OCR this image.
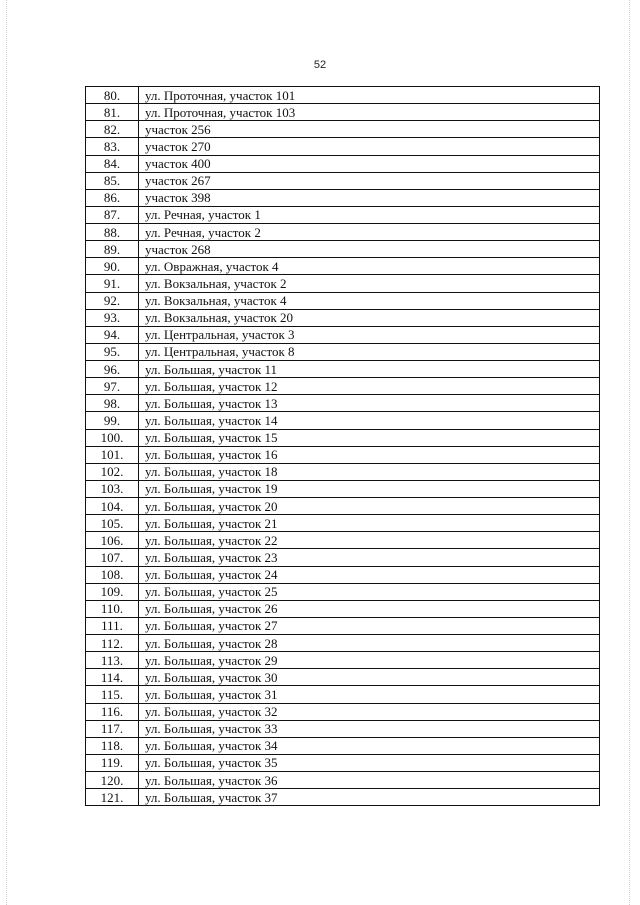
52
80.	ул. Проточная, участок 101
81.	ул. Проточная, участок 103
82.	участок 256
83.	участок 270
84.	участок 400
85.	участок 267
86.	участок 398
87.	ул. Речная, участок 1
88.	ул. Речная, участок 2
89.	участок 268
90.	ул. Овражная, участок 4
91.	ул. Вокзальная, участок 2
92.	ул. Вокзальная, участок 4
93.	ул. Вокзальная, участок 20
94.	ул. Центральная, участок 3
95.	ул. Центральная, участок 8
96.	ул. Большая, участок 11
97.	ул. Большая, участок 12
98.	ул. Большая, участок 13
99.	ул. Большая, участок 14
100.	ул. Большая, участок 15
101.	ул. Большая, участок 16
102.	ул. Большая, участок 18
103.	ул. Большая, участок 19
104.	ул. Большая, участок 20
105.	ул. Большая, участок 21
106.	ул. Большая, участок 22
107.	ул. Большая, участок 23
108.	ул. Большая, участок 24
109.	ул. Большая, участок 25
110.	ул. Большая, участок 26
111.	ул. Большая, участок 27
112.	ул. Большая, участок 28
113.	ул. Большая, участок 29
114.	ул. Большая, участок 30
115.	ул. Большая, участок 31
116.	ул. Большая, участок 32
117.	ул. Большая, участок 33
118.	ул. Большая, участок 34
119.	ул. Большая, участок 35
120.	ул. Большая, участок 36
121.	ул. Большая, участок 37
